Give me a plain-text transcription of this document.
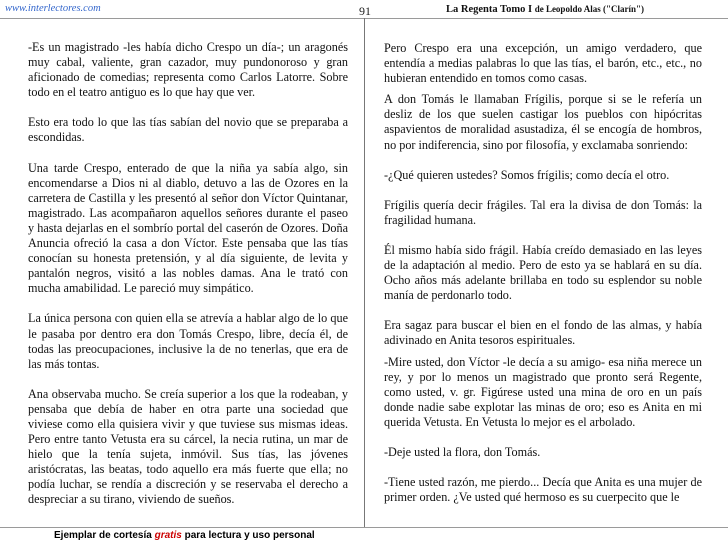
www.interlectores.com	91	La Regenta Tomo I de Leopoldo Alas ("Clarín")

-Es un magistrado -les había dicho Crespo un día-; un aragonés muy cabal, valiente, gran cazador, muy pundonoroso y gran aficionado de comedias; representa como Carlos Latorre. Sobre todo en el teatro antiguo es lo que hay que ver.

Esto era todo lo que las tías sabían del novio que se preparaba a escondidas.

Una tarde Crespo, enterado de que la niña ya sabía algo, sin encomendarse a Dios ni al diablo, detuvo a las de Ozores en la carretera de Castilla y les presentó al señor don Víctor Quintanar, magistrado. Las acompañaron aquellos señores durante el paseo y hasta dejarlas en el sombrío portal del caserón de Ozores. Doña Anuncia ofreció la casa a don Víctor. Este pensaba que las tías conocían su honesta pretensión, y al día siguiente, de levita y pantalón negros, visitó a las nobles damas. Ana le trató con mucha amabilidad. Le pareció muy simpático.

La única persona con quien ella se atrevía a hablar algo de lo que le pasaba por dentro era don Tomás Crespo, libre, decía él, de todas las preocupaciones, inclusive la de no tenerlas, que era de las más tontas.

Ana observaba mucho. Se creía superior a los que la rodeaban, y pensaba que debía de haber en otra parte una sociedad que viviese como ella quisiera vivir y que tuviese sus mismas ideas. Pero entre tanto Vetusta era su cárcel, la necia rutina, un mar de hielo que la tenía sujeta, inmóvil. Sus tías, las jóvenes aristócratas, las beatas, todo aquello era más fuerte que ella; no podía luchar, se rendía a discreción y se reservaba el derecho a despreciar a su tirano, viviendo de sueños.

Pero Crespo era una excepción, un amigo verdadero, que entendía a medias palabras lo que las tías, el barón, etc., etc., no hubieran entendido en tomos como casas.

A don Tomás le llamaban Frígilis, porque si se le refería un desliz de los que suelen castigar los pueblos con hipócritas aspavientos de moralidad asustadiza, él se encogía de hombros, no por indiferencia, sino por filosofía, y exclamaba sonriendo:

-¿Qué quieren ustedes? Somos frígilis; como decía el otro.

Frígilis quería decir frágiles. Tal era la divisa de don Tomás: la fragilidad humana.

Él mismo había sido frágil. Había creído demasiado en las leyes de la adaptación al medio. Pero de esto ya se hablará en su día. Ocho años más adelante brillaba en todo su esplendor su noble manía de perdonarlo todo.

Era sagaz para buscar el bien en el fondo de las almas, y había adivinado en Anita tesoros espirituales.

-Mire usted, don Víctor -le decía a su amigo- esa niña merece un rey, y por lo menos un magistrado que pronto será Regente, como usted, v. gr. Figúrese usted una mina de oro en un país donde nadie sabe explotar las minas de oro; eso es Anita en mi querida Vetusta. En Vetusta lo mejor es el arbolado.

-Deje usted la flora, don Tomás.

-Tiene usted razón, me pierdo... Decía que Anita es una mujer de primer orden. ¿Ve usted qué hermoso es su cuerpecito que le

Ejemplar de cortesía gratis para lectura y uso personal
